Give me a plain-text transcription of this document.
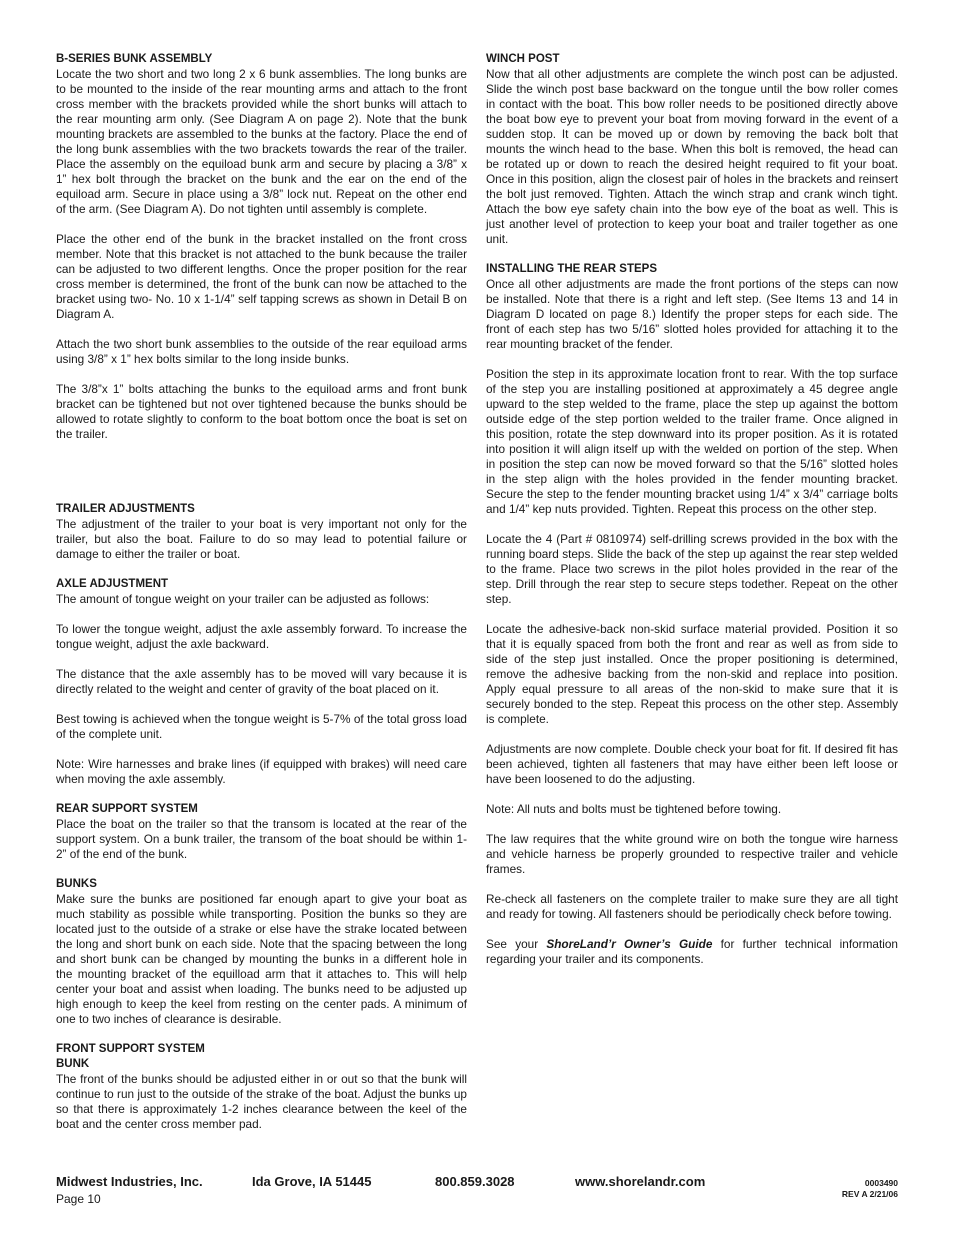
B-SERIES BUNK ASSEMBLY

Locate the two short and two long 2 x 6 bunk assemblies. The long bunks are to be mounted to the inside of the rear mounting arms and attach to the front cross member with the brackets provided while the short bunks will attach to the rear mounting arm only. (See Diagram A on page 2). Note that the bunk mounting brackets are assembled to the bunks at the factory. Place the end of the long bunk assemblies with the two brackets towards the rear of the trailer. Place the assembly on the equiload bunk arm and secure by placing a 3/8” x 1” hex bolt through the bracket on the bunk and the ear on the end of the equiload arm. Secure in place using a 3/8” lock nut. Repeat on the other end of the arm. (See Diagram A). Do not tighten until assembly is complete.

Place the other end of the bunk in the bracket installed on the front cross member. Note that this bracket is not attached to the bunk because the trailer can be adjusted to two different lengths. Once the proper position for the rear cross member is determined, the front of the bunk can now be attached to the bracket using two- No. 10 x 1-1/4” self tapping screws as shown in Detail B on Diagram A.

Attach the two short bunk assemblies to the outside of the rear equiload arms using 3/8” x 1” hex bolts similar to the long inside bunks.

The 3/8”x 1” bolts attaching the bunks to the equiload arms and front bunk bracket can be tightened but not over tightened because the bunks should be allowed to rotate slightly to conform to the boat bottom once the boat is set on the trailer.

TRAILER ADJUSTMENTS

The adjustment of the trailer to your boat is very important not only for the trailer, but also the boat. Failure to do so may lead to potential failure or damage to either the trailer or boat.

AXLE ADJUSTMENT

The amount of tongue weight on your trailer can be adjusted as follows:

To lower the tongue weight, adjust the axle assembly forward. To increase the tongue weight, adjust the axle backward.

The distance that the axle assembly has to be moved will vary because it is directly related to the weight and center of gravity of the boat placed on it.

Best towing is achieved when the tongue weight is 5-7% of the total gross load of the complete unit.

Note: Wire harnesses and brake lines (if equipped with brakes) will need care when moving the axle assembly.

REAR SUPPORT SYSTEM

Place the boat on the trailer so that the transom is located at the rear of the support system. On a bunk trailer, the transom of the boat should be within 1-2” of the end of the bunk.

BUNKS

Make sure the bunks are positioned far enough apart to give your boat as much stability as possible while transporting. Position the bunks so they are located just to the outside of a strake or else have the strake located between the long and short bunk on each side. Note that the spacing between the long and short bunk can be changed by mounting the bunks in a different hole in the mounting bracket of the equilload arm that it attaches to. This will help center your boat and assist when loading. The bunks need to be adjusted up high enough to keep the keel from resting on the center pads. A minimum of one to two inches of clearance is desirable.

FRONT SUPPORT SYSTEM
BUNK

The front of the bunks should be adjusted either in or out so that the bunk will continue to run just to the outside of the strake of the boat. Adjust the bunks up so that there is approximately 1-2 inches clearance between the keel of the boat and the center cross member pad.

WINCH POST

Now that all other adjustments are complete the winch post can be adjusted. Slide the winch post base backward on the tongue until the bow roller comes in contact with the boat. This bow roller needs to be positioned directly above the boat bow eye to prevent your boat from moving forward in the event of a sudden stop. It can be moved up or down by removing the back bolt that mounts the winch head to the base. When this bolt is removed, the head can be rotated up or down to reach the desired height required to fit your boat. Once in this position, align the closest pair of holes in the brackets and reinsert the bolt just removed. Tighten. Attach the winch strap and crank winch tight. Attach the bow eye safety chain into the bow eye of the boat as well. This is just another level of protection to keep your boat and trailer together as one unit.

INSTALLING THE REAR STEPS

Once all other adjustments are made the front portions of the steps can now be installed. Note that there is a right and left step. (See Items 13 and 14 in Diagram D located on page 8.) Identify the proper steps for each side. The front of each step has two 5/16” slotted holes provided for attaching it to the rear mounting bracket of the fender.

Position the step in its approximate location front to rear. With the top surface of the step you are installing positioned at approximately a 45 degree angle upward to the step welded to the frame, place the step up against the bottom outside edge of the step portion welded to the trailer frame. Once aligned in this position, rotate the step downward into its proper position. As it is rotated into position it will align itself up with the welded on portion of the step. When in position the step can now be moved forward so that the 5/16” slotted holes in the step align with the holes provided in the fender mounting bracket. Secure the step to the fender mounting bracket using 1/4” x 3/4” carriage bolts and 1/4” kep nuts provided. Tighten. Repeat this process on the other step.

Locate the 4 (Part # 0810974) self-drilling screws provided in the box with the running board steps. Slide the back of the step up against the rear step welded to the frame. Place two screws in the pilot holes provided in the rear of the step. Drill through the rear step to secure steps todether. Repeat on the other step.

Locate the adhesive-back non-skid surface material provided. Position it so that it is equally spaced from both the front and rear as well as from side to side of the step just installed. Once the proper positioning is determined, remove the adhesive backing from the non-skid and replace into position. Apply equal pressure to all areas of the non-skid to make sure that it is securely bonded to the step. Repeat this process on the other step. Assembly is complete.

Adjustments are now complete. Double check your boat for fit. If desired fit has been achieved, tighten all fasteners that may have either been left loose or have been loosened to do the adjusting.

Note: All nuts and bolts must be tightened before towing.

The law requires that the white ground wire on both the tongue wire harness and vehicle harness be properly grounded to respective trailer and vehicle frames.

Re-check all fasteners on the complete trailer to make sure they are all tight and ready for towing. All fasteners should be periodically check before towing.

See your ShoreLand’r Owner’s Guide for further technical information regarding your trailer and its components.

Midwest Industries, Inc.	Ida Grove, IA 51445	800.859.3028	www.shorelandr.com	0003490
REV A 2/21/06
Page 10
